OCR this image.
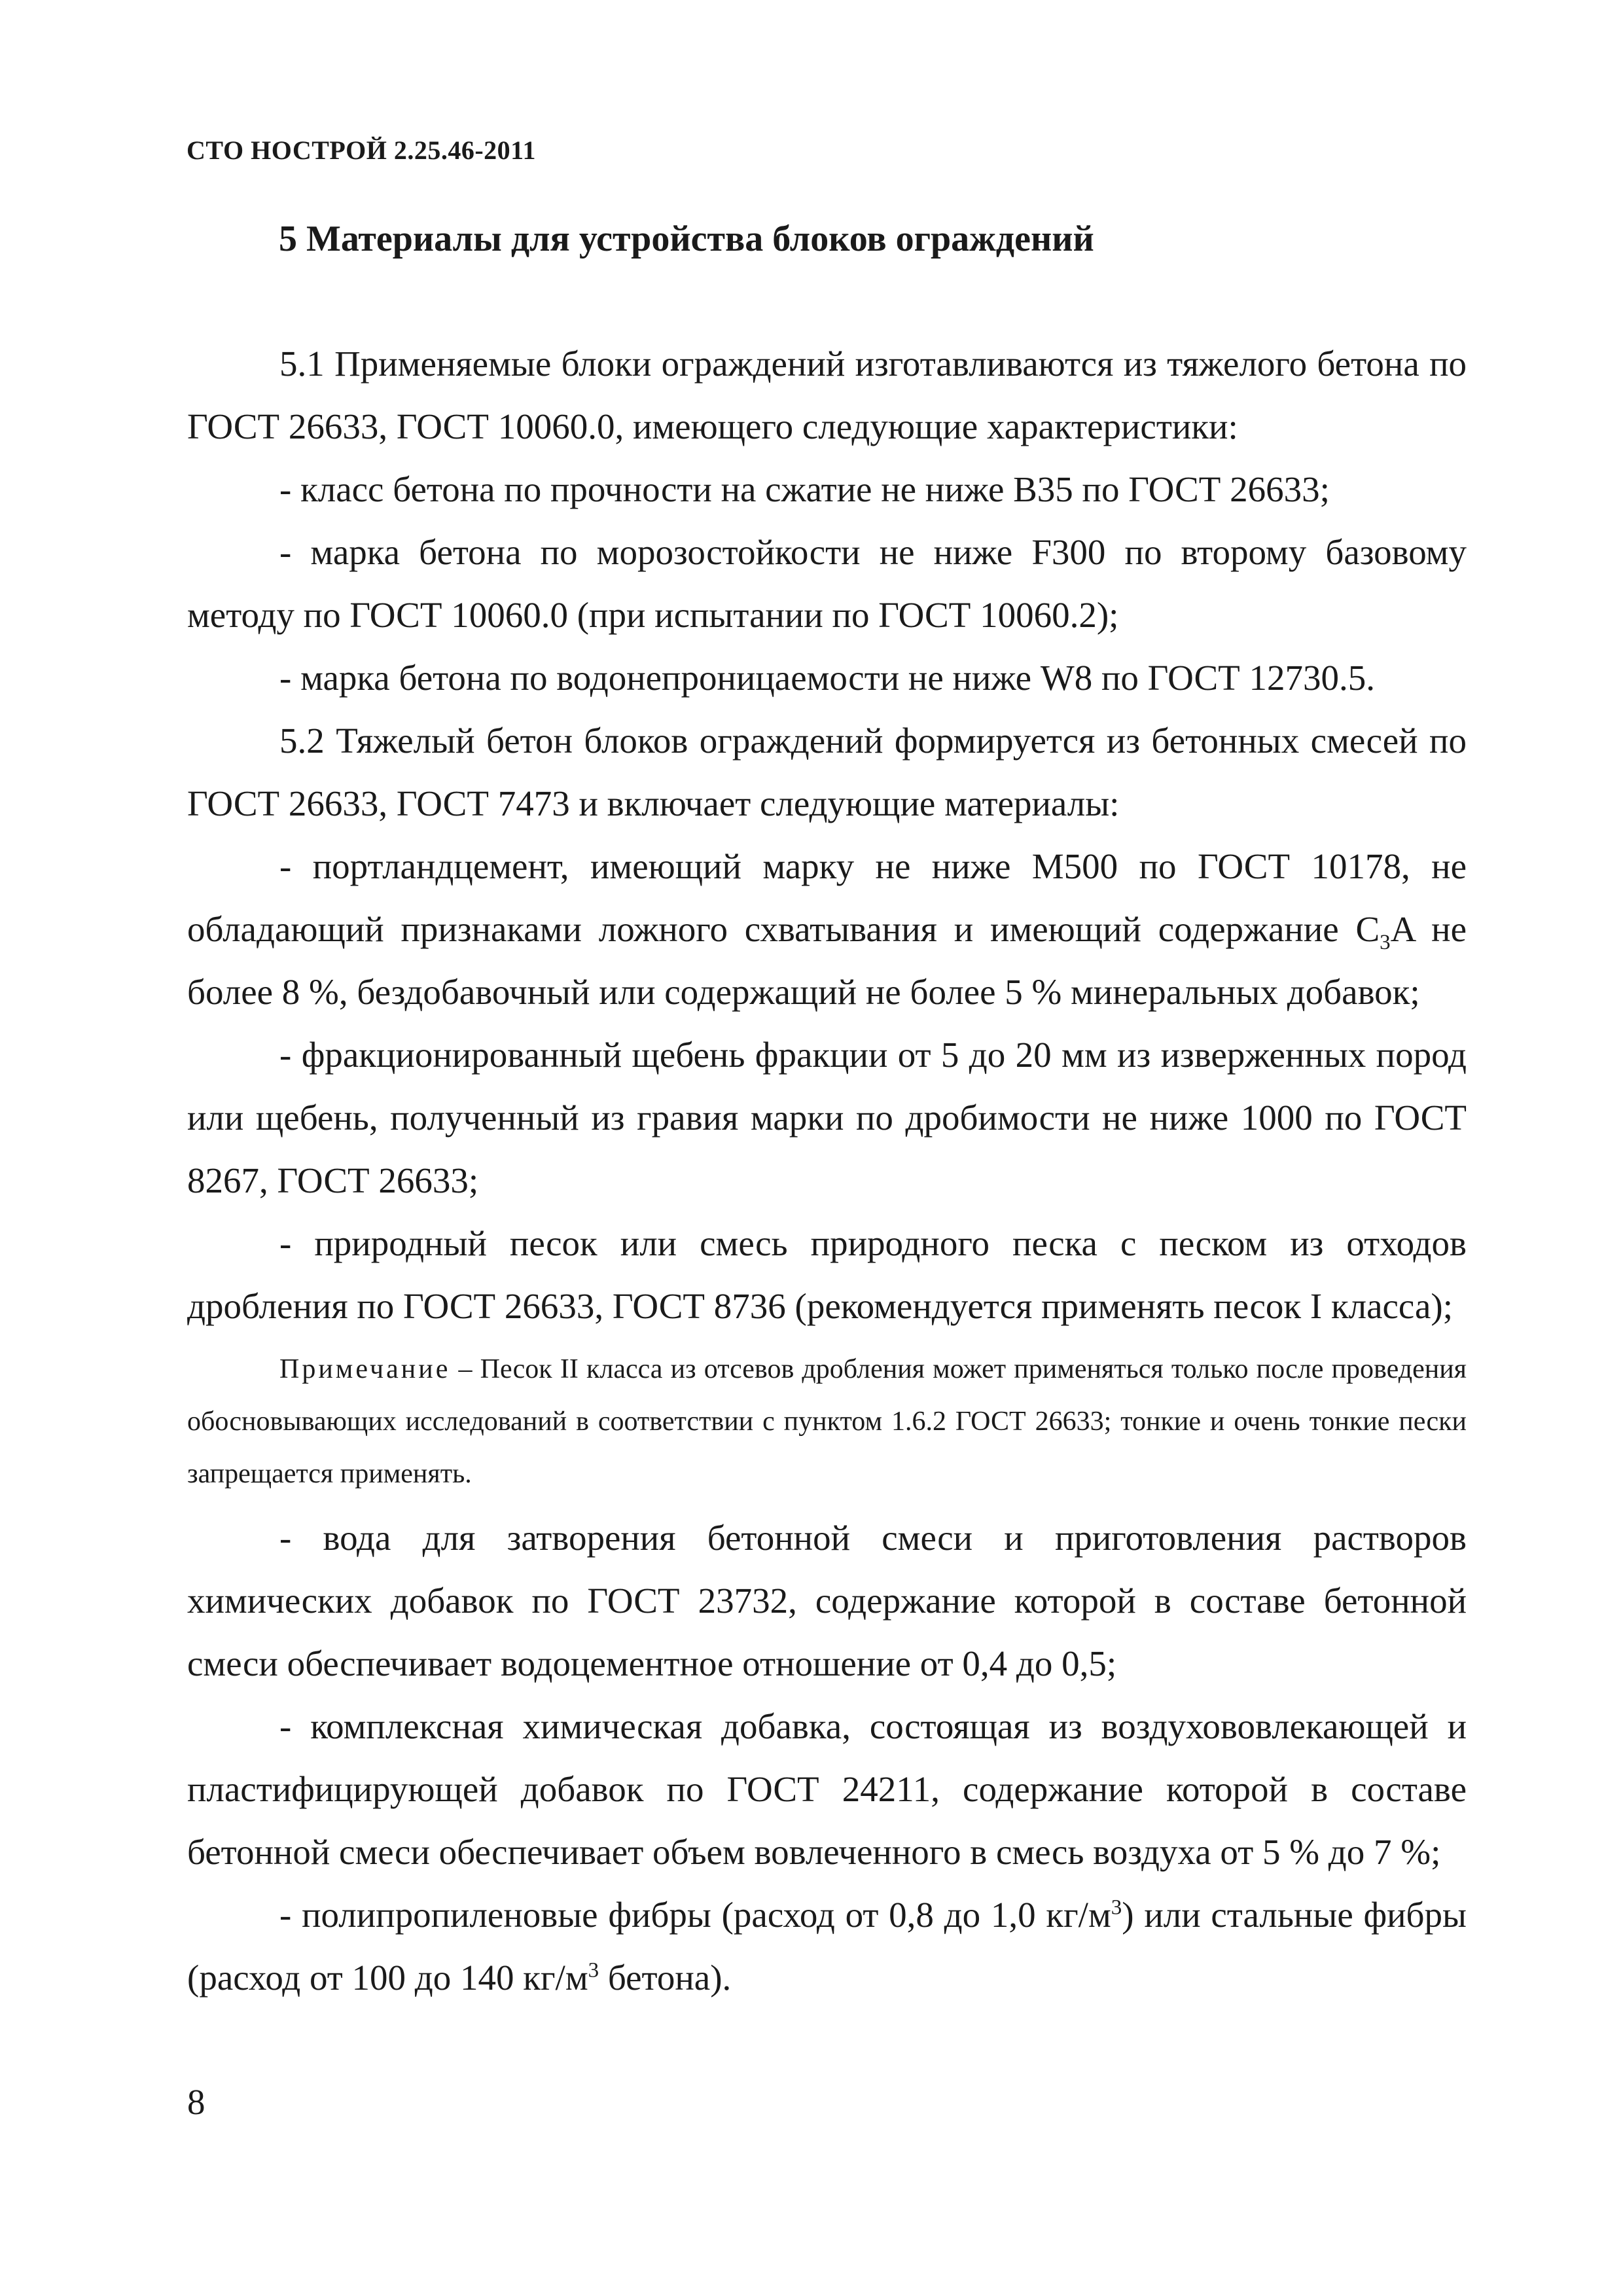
СТО НОСТРОЙ 2.25.46-2011
5 Материалы для устройства блоков ограждений

5.1 Применяемые блоки ограждений изготавливаются из тяжелого бетона по ГОСТ 26633, ГОСТ 10060.0, имеющего следующие характеристики:

- класс бетона по прочности на сжатие не ниже В35 по ГОСТ 26633;

- марка бетона по морозостойкости не ниже F300 по второму базовому методу по ГОСТ 10060.0 (при испытании по ГОСТ 10060.2);

- марка бетона по водонепроницаемости не ниже W8 по ГОСТ 12730.5.

5.2 Тяжелый бетон блоков ограждений формируется из бетонных смесей по ГОСТ 26633, ГОСТ 7473 и включает следующие материалы:

- портландцемент, имеющий марку не ниже М500 по ГОСТ 10178, не обладающий признаками ложного схватывания и имеющий содержание $C_3A$ не более 8 %, бездобавочный или содержащий не более 5 % минеральных добавок;

- фракционированный щебень фракции от 5 до 20 мм из изверженных пород или щебень, полученный из гравия марки по дробимости не ниже 1000 по ГОСТ 8267, ГОСТ 26633;

- природный песок или смесь природного песка с песком из отходов дробления по ГОСТ 26633, ГОСТ 8736 (рекомендуется применять песок I класса);

Примечание – Песок II класса из отсевов дробления может применяться только после проведения обосновывающих исследований в соответствии с пунктом 1.6.2 ГОСТ 26633; тонкие и очень тонкие пески запрещается применять.

- вода для затворения бетонной смеси и приготовления растворов химических добавок по ГОСТ 23732, содержание которой в составе бетонной смеси обеспечивает водоцементное отношение от 0,4 до 0,5;

- комплексная химическая добавка, состоящая из воздухововлекающей и пластифицирующей добавок по ГОСТ 24211, содержание которой в составе бетонной смеси обеспечивает объем вовлеченного в смесь воздуха от 5 % до 7 %;

- полипропиленовые фибры (расход от 0,8 до 1,0 $кг/м^3$) или стальные фибры (расход от 100 до 140 $кг/м^3$ бетона).

8
